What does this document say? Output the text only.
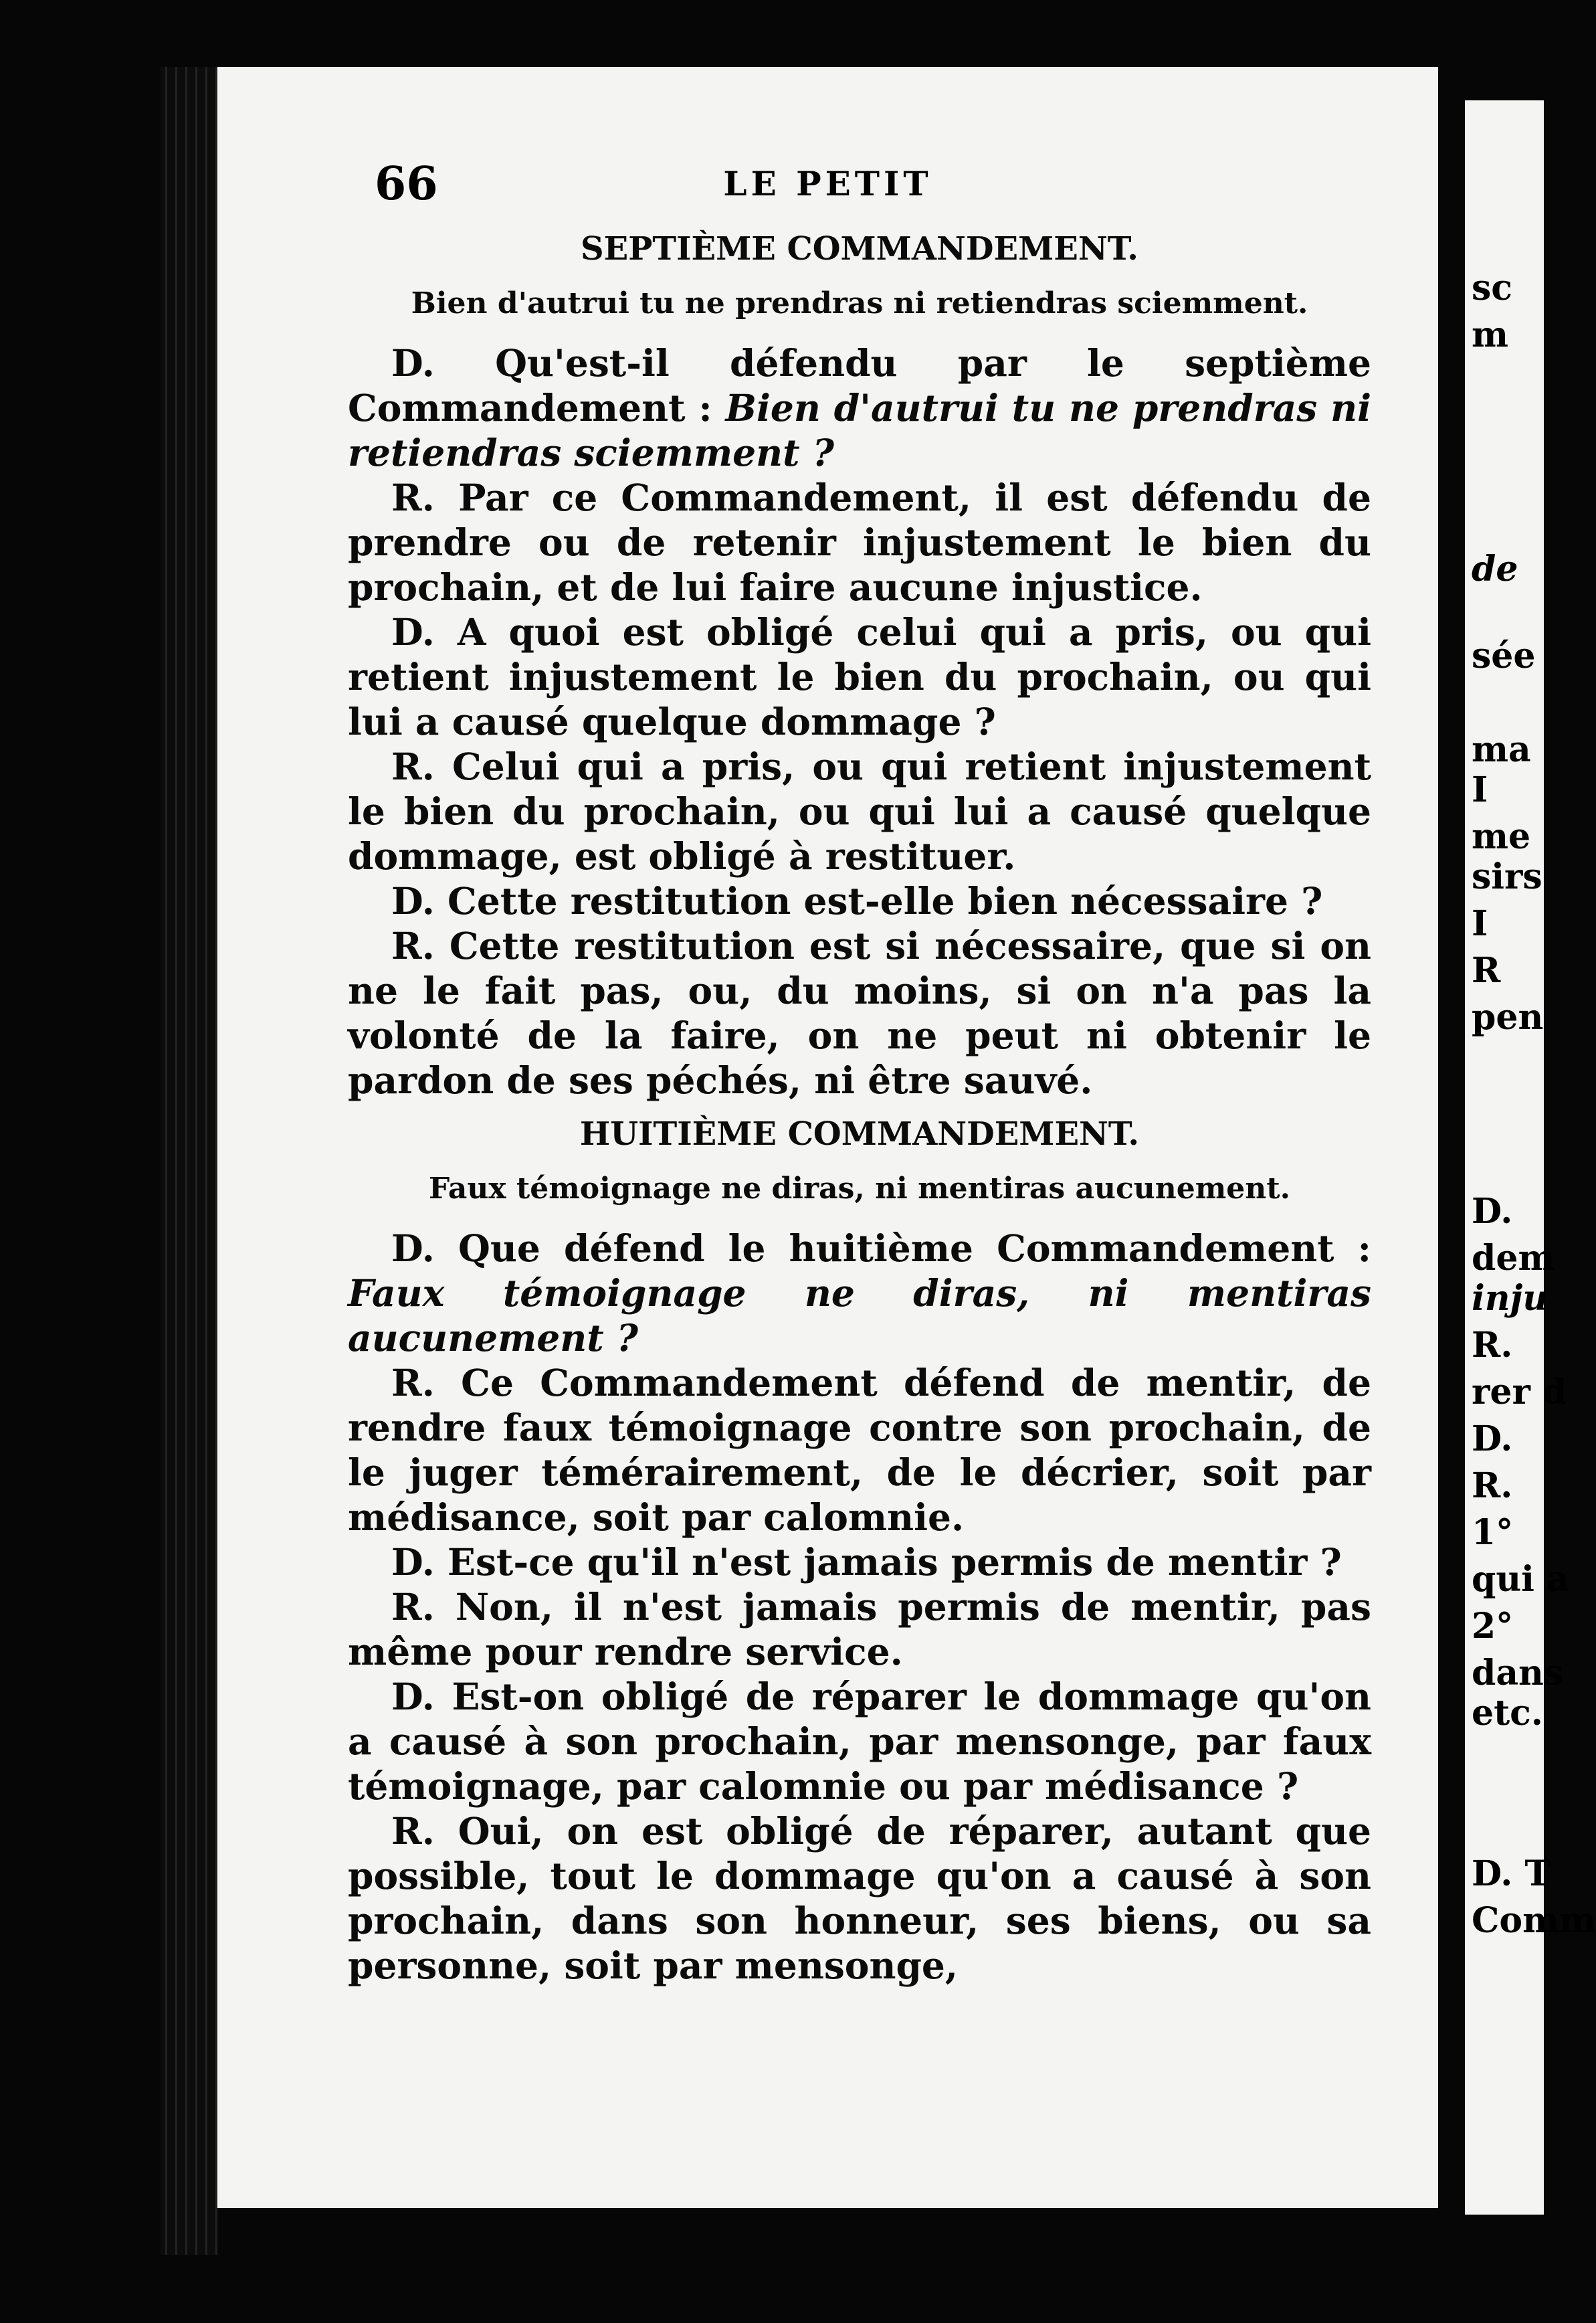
66	LE PETIT
SEPTIÈME COMMANDEMENT.
Bien d'autrui tu ne prendras ni retiendras sciemment.

D. Qu'est-il défendu par le septième Commandement : Bien d'autrui tu ne prendras ni retiendras sciemment ?

R. Par ce Commandement, il est défendu de prendre ou de retenir injustement le bien du prochain, et de lui faire aucune injustice.

D. A quoi est obligé celui qui a pris, ou qui retient injustement le bien du prochain, ou qui lui a causé quelque dommage ?

R. Celui qui a pris, ou qui retient injustement le bien du prochain, ou qui lui a causé quelque dommage, est obligé à restituer.

D. Cette restitution est-elle bien nécessaire ?

R. Cette restitution est si nécessaire, que si on ne le fait pas, ou, du moins, si on n'a pas la volonté de la faire, on ne peut ni obtenir le pardon de ses péchés, ni être sauvé.

HUITIÈME COMMANDEMENT.
Faux témoignage ne diras, ni mentiras aucunement.

D. Que défend le huitième Commandement : Faux témoignage ne diras, ni mentiras aucunement ?

R. Ce Commandement défend de mentir, de rendre faux témoignage contre son prochain, de le juger témérairement, de le décrier, soit par médisance, soit par calomnie.

D. Est-ce qu'il n'est jamais permis de mentir ?

R. Non, il n'est jamais permis de mentir, pas même pour rendre service.

D. Est-on obligé de réparer le dommage qu'on a causé à son prochain, par mensonge, par faux témoignage, par calomnie ou par médisance ?

R. Oui, on est obligé de réparer, autant que possible, tout le dommage qu'on a causé à son prochain, dans son honneur, ses biens, ou sa personne, soit par mensonge,

sc
m
de
sée
ma
I
me
sirs
I
R
pen
D.
dem
inju
R.
rer d
D.
R.
1°
qui a
2°
dans
etc.
D. T
Comm
